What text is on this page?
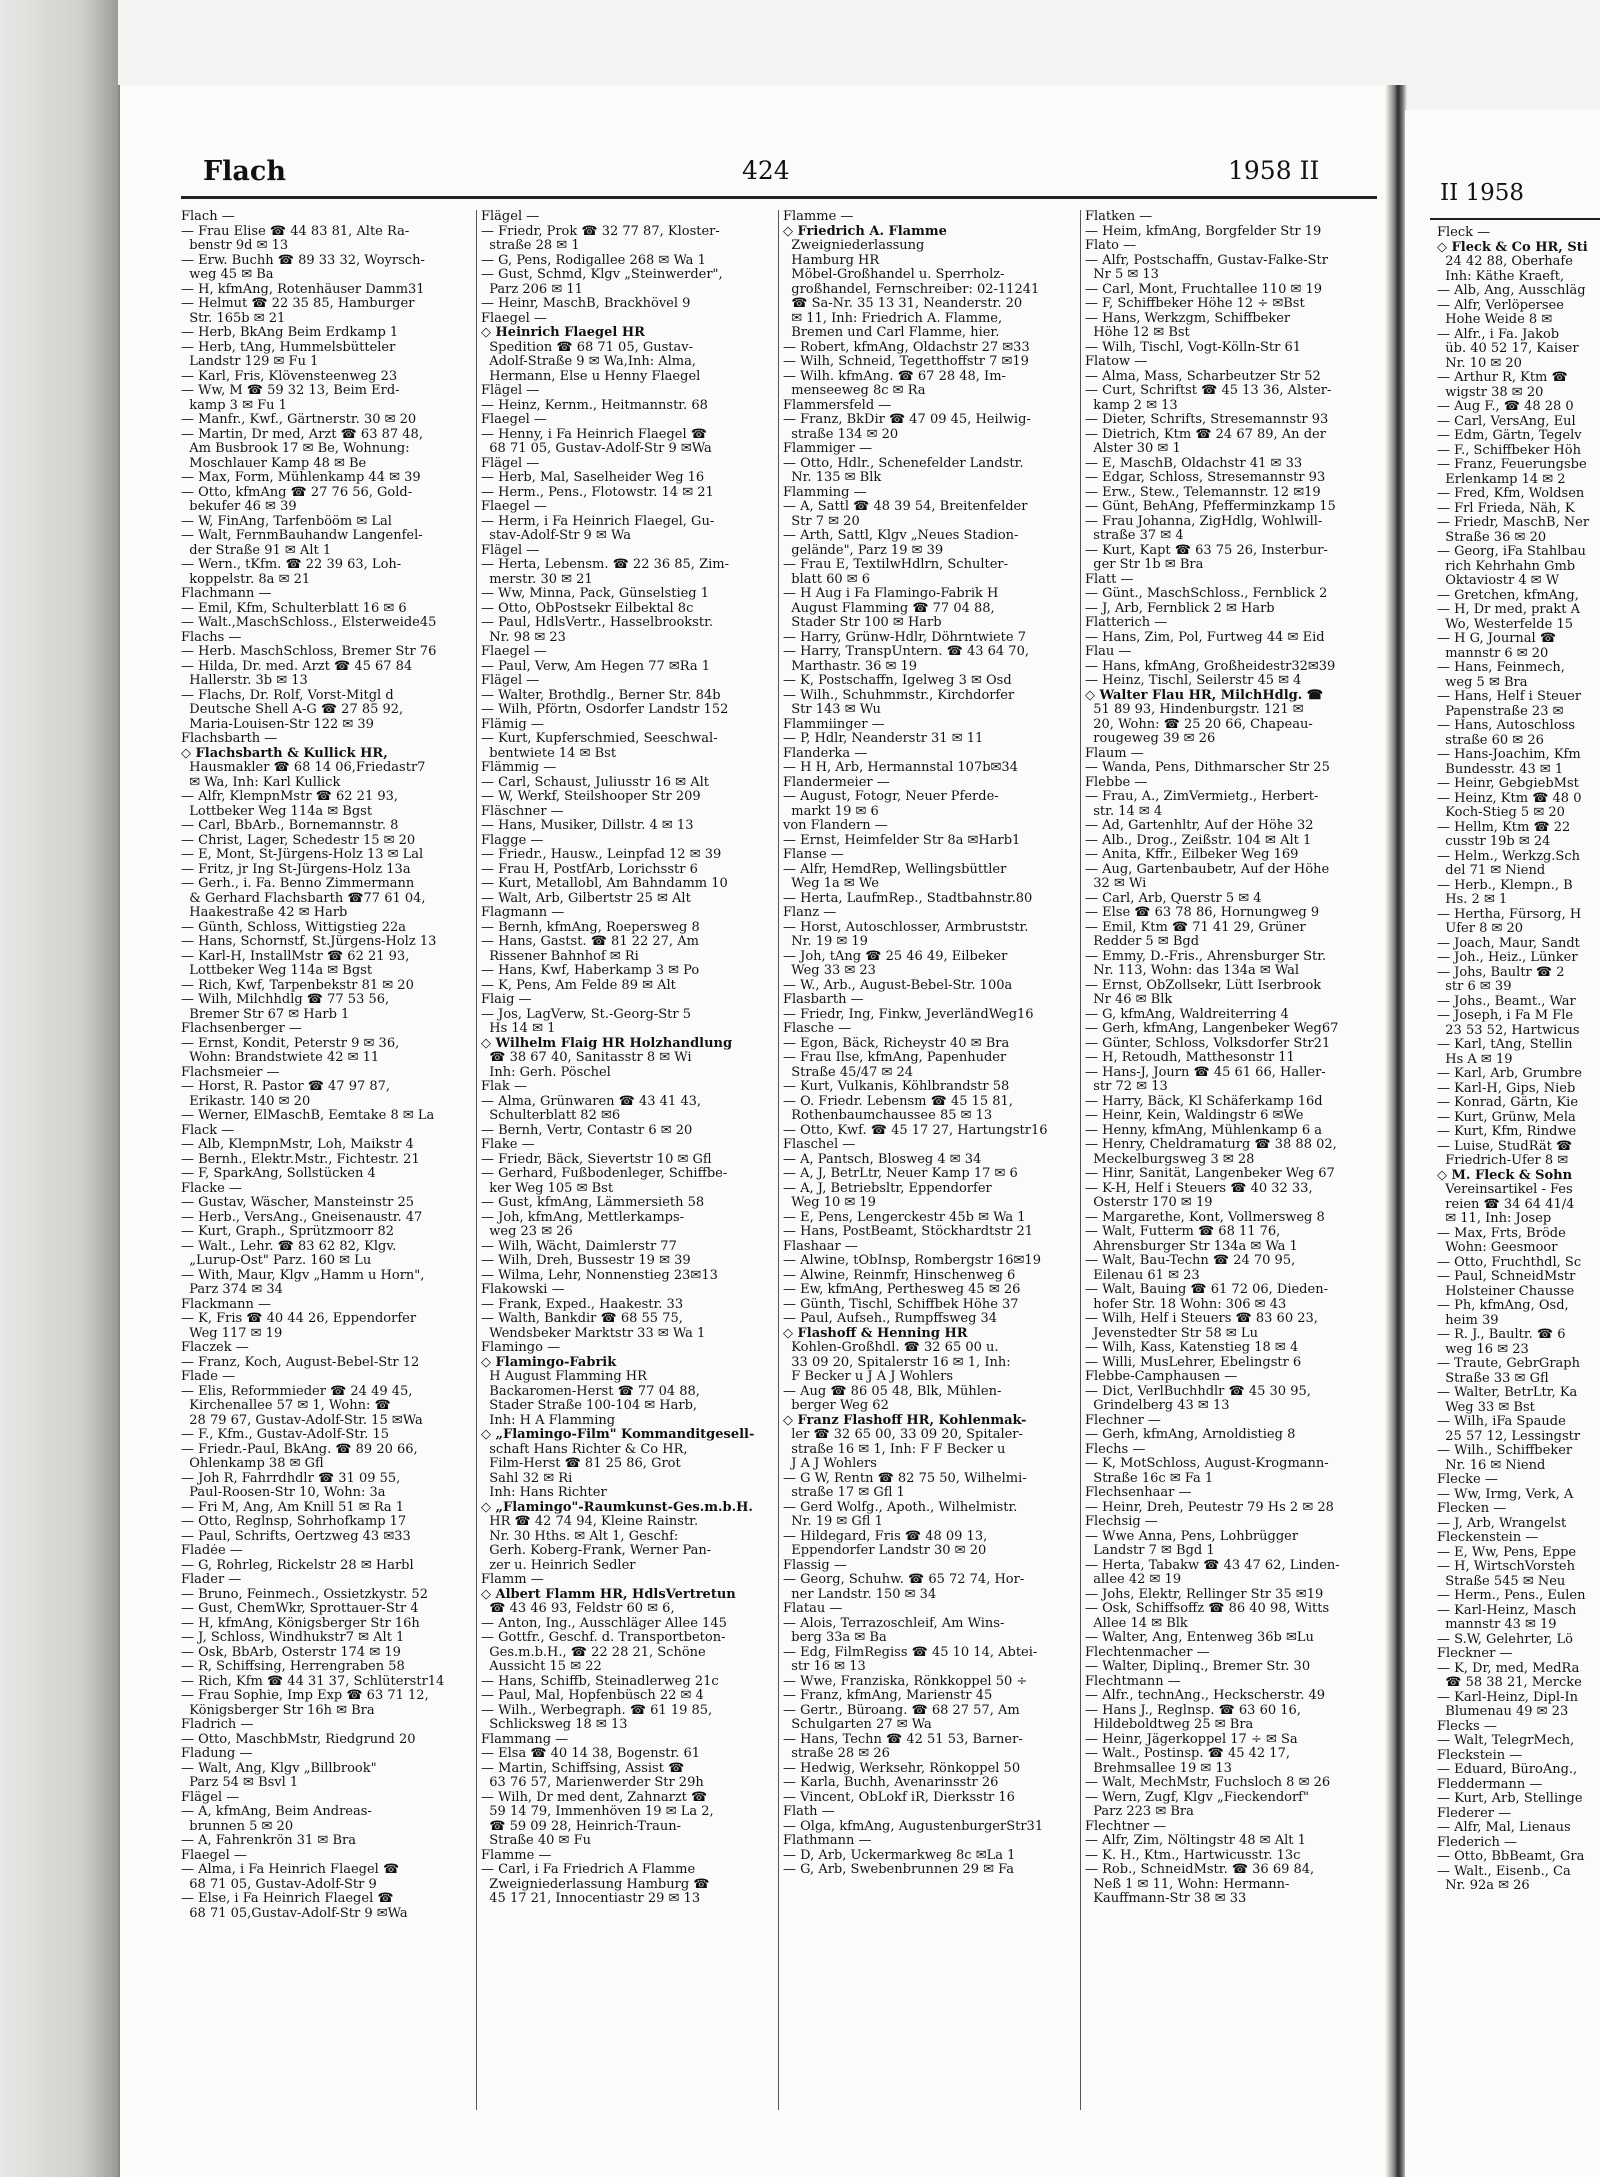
Flach	424	1958 II
Flach —
— Frau Elise ☎ 44 83 81, Alte Ra-
benstr 9d ✉ 13
— Erw. Buchh ☎ 89 33 32, Woyrsch-
weg 45 ✉ Ba
— H, kfmAng, Rotenhäuser Damm31
— Helmut ☎ 22 35 85, Hamburger
Str. 165b ✉ 21
— Herb, BkAng Beim Erdkamp 1
— Herb, tAng, Hummelsbütteler
Landstr 129 ✉ Fu 1
— Karl, Fris, Klövensteenweg 23
— Ww, M ☎ 59 32 13, Beim Erd-
kamp 3 ✉ Fu 1
— Manfr., Kwf., Gärtnerstr. 30 ✉ 20
— Martin, Dr med, Arzt ☎ 63 87 48,
Am Busbrook 17 ✉ Be, Wohnung:
Moschlauer Kamp 48 ✉ Be
— Max, Form, Mühlenkamp 44 ✉ 39
— Otto, kfmAng ☎ 27 76 56, Gold-
bekufer 46 ✉ 39
— W, FinAng, Tarfenbööm ✉ Lal
— Walt, FernmBauhandw Langenfel-
der Straße 91 ✉ Alt 1
— Wern., tKfm. ☎ 22 39 63, Loh-
koppelstr. 8a ✉ 21
Flachmann —
— Emil, Kfm, Schulterblatt 16 ✉ 6
— Walt.,MaschSchloss., Elsterweide45
Flachs —
— Herb. MaschSchloss, Bremer Str 76
— Hilda, Dr. med. Arzt ☎ 45 67 84
Hallerstr. 3b ✉ 13
— Flachs, Dr. Rolf, Vorst-Mitgl d
Deutsche Shell A-G ☎ 27 85 92,
Maria-Louisen-Str 122 ✉ 39
Flachsbarth —
◇ Flachsbarth & Kullick HR,
Hausmakler ☎ 68 14 06,Friedastr7
✉ Wa, Inh: Karl Kullick
— Alfr, KlempnMstr ☎ 62 21 93,
Lottbeker Weg 114a ✉ Bgst
— Carl, BbArb., Bornemannstr. 8
— Christ, Lager, Schedestr 15 ✉ 20
— E, Mont, St-Jürgens-Holz 13 ✉ Lal
— Fritz, jr Ing St-Jürgens-Holz 13a
— Gerh., i. Fa. Benno Zimmermann
& Gerhard Flachsbarth ☎77 61 04,
Haakestraße 42 ✉ Harb
— Günth, Schloss, Wittigstieg 22a
— Hans, Schornstf, St.Jürgens-Holz 13
— Karl-H, InstallMstr ☎ 62 21 93,
Lottbeker Weg 114a ✉ Bgst
— Rich, Kwf, Tarpenbekstr 81 ✉ 20
— Wilh, Milchhdlg ☎ 77 53 56,
Bremer Str 67 ✉ Harb 1
Flachsenberger —
— Ernst, Kondit, Peterstr 9 ✉ 36,
Wohn: Brandstwiete 42 ✉ 11
Flachsmeier —
— Horst, R. Pastor ☎ 47 97 87,
Erikastr. 140 ✉ 20
— Werner, ElMaschB, Eemtake 8 ✉ La
Flack —
— Alb, KlempnMstr, Loh, Maikstr 4
— Bernh., Elektr.Mstr., Fichtestr. 21
— F, SparkAng, Sollstücken 4
Flacke —
— Gustav, Wäscher, Mansteinstr 25
— Herb., VersAng., Gneisenaustr. 47
— Kurt, Graph., Sprützmoorr 82
— Walt., Lehr. ☎ 83 62 82, Klgv.
„Lurup-Ost" Parz. 160 ✉ Lu
— With, Maur, Klgv „Hamm u Horn",
Parz 374 ✉ 34
Flackmann —
— K, Fris ☎ 40 44 26, Eppendorfer
Weg 117 ✉ 19
Flaczek —
— Franz, Koch, August-Bebel-Str 12
Flade —
— Elis, Reformmieder ☎ 24 49 45,
Kirchenallee 57 ✉ 1, Wohn: ☎
28 79 67, Gustav-Adolf-Str. 15 ✉Wa
— F., Kfm., Gustav-Adolf-Str. 15
— Friedr.-Paul, BkAng. ☎ 89 20 66,
Ohlenkamp 38 ✉ Gfl
— Joh R, Fahrrdhdlr ☎ 31 09 55,
Paul-Roosen-Str 10, Wohn: 3a
— Fri M, Ang, Am Knill 51 ✉ Ra 1
— Otto, Reglnsp, Sohrhofkamp 17
— Paul, Schrifts, Oertzweg 43 ✉33
Fladée —
— G, Rohrleg, Rickelstr 28 ✉ Harbl
Flader —
— Bruno, Feinmech., Ossietzkystr. 52
— Gust, ChemWkr, Sprottauer-Str 4
— H, kfmAng, Königsberger Str 16h
— J, Schloss, Windhukstr7 ✉ Alt 1
— Osk, BbArb, Osterstr 174 ✉ 19
— R, Schiffsing, Herrengraben 58
— Rich, Kfm ☎ 44 31 37, Schlüterstr14
— Frau Sophie, Imp Exp ☎ 63 71 12,
Königsberger Str 16h ✉ Bra
Fladrich —
— Otto, MaschbMstr, Riedgrund 20
Fladung —
— Walt, Ang, Klgv „Billbrook"
Parz 54 ✉ Bsvl 1
Flägel —
— A, kfmAng, Beim Andreas-
brunnen 5 ✉ 20
— A, Fahrenkrön 31 ✉ Bra
Flaegel —
— Alma, i Fa Heinrich Flaegel ☎
68 71 05, Gustav-Adolf-Str 9
— Else, i Fa Heinrich Flaegel ☎
68 71 05,Gustav-Adolf-Str 9 ✉Wa
Flägel —
— Friedr, Prok ☎ 32 77 87, Kloster-
straße 28 ✉ 1
— G, Pens, Rodigallee 268 ✉ Wa 1
— Gust, Schmd, Klgv „Steinwerder",
Parz 206 ✉ 11
— Heinr, MaschB, Brackhövel 9
Flaegel —
◇ Heinrich Flaegel HR
Spedition ☎ 68 71 05, Gustav-
Adolf-Straße 9 ✉ Wa,Inh: Alma,
Hermann, Else u Henny Flaegel
Flägel —
— Heinz, Kernm., Heitmannstr. 68
Flaegel —
— Henny, i Fa Heinrich Flaegel ☎
68 71 05, Gustav-Adolf-Str 9 ✉Wa
Flägel —
— Herb, Mal, Saselheider Weg 16
— Herm., Pens., Flotowstr. 14 ✉ 21
Flaegel —
— Herm, i Fa Heinrich Flaegel, Gu-
stav-Adolf-Str 9 ✉ Wa
Flägel —
— Herta, Lebensm. ☎ 22 36 85, Zim-
merstr. 30 ✉ 21
— Ww, Minna, Pack, Günselstieg 1
— Otto, ObPostsekr Eilbektal 8c
— Paul, HdlsVertr., Hasselbrookstr.
Nr. 98 ✉ 23
Flaegel —
— Paul, Verw, Am Hegen 77 ✉Ra 1
Flägel —
— Walter, Brothdlg., Berner Str. 84b
— Wilh, Pförtn, Osdorfer Landstr 152
Flämig —
— Kurt, Kupferschmied, Seeschwal-
bentwiete 14 ✉ Bst
Flämmig —
— Carl, Schaust, Juliusstr 16 ✉ Alt
— W, Werkf, Steilshooper Str 209
Fläschner —
— Hans, Musiker, Dillstr. 4 ✉ 13
Flagge —
— Friedr., Hausw., Leinpfad 12 ✉ 39
— Frau H, PostfArb, Lorichsstr 6
— Kurt, Metallobl, Am Bahndamm 10
— Walt, Arb, Gilbertstr 25 ✉ Alt
Flagmann —
— Bernh, kfmAng, Roepersweg 8
— Hans, Gastst. ☎ 81 22 27, Am
Rissener Bahnhof ✉ Ri
— Hans, Kwf, Haberkamp 3 ✉ Po
— K, Pens, Am Felde 89 ✉ Alt
Flaig —
— Jos, LagVerw, St.-Georg-Str 5
Hs 14 ✉ 1
◇ Wilhelm Flaig HR Holzhandlung
☎ 38 67 40, Sanitasstr 8 ✉ Wi
Inh: Gerh. Pöschel
Flak —
— Alma, Grünwaren ☎ 43 41 43,
Schulterblatt 82 ✉6
— Bernh, Vertr, Contastr 6 ✉ 20
Flake —
— Friedr, Bäck, Sievertstr 10 ✉ Gfl
— Gerhard, Fußbodenleger, Schiffbe-
ker Weg 105 ✉ Bst
— Gust, kfmAng, Lämmersieth 58
— Joh, kfmAng, Mettlerkamps-
weg 23 ✉ 26
— Wilh, Wächt, Daimlerstr 77
— Wilh, Dreh, Bussestr 19 ✉ 39
— Wilma, Lehr, Nonnenstieg 23✉13
Flakowski —
— Frank, Exped., Haakestr. 33
— Walth, Bankdir ☎ 68 55 75,
Wendsbeker Marktstr 33 ✉ Wa 1
Flamingo —
◇ Flamingo-Fabrik
H August Flamming HR
Backaromen-Herst ☎ 77 04 88,
Stader Straße 100-104 ✉ Harb,
Inh: H A Flamming
◇ „Flamingo-Film" Kommanditgesell-
schaft Hans Richter & Co HR,
Film-Herst ☎ 81 25 86, Grot
Sahl 32 ✉ Ri
Inh: Hans Richter
◇ „Flamingo"-Raumkunst-Ges.m.b.H.
HR ☎ 42 74 94, Kleine Rainstr.
Nr. 30 Hths. ✉ Alt 1, Geschf:
Gerh. Koberg-Frank, Werner Pan-
zer u. Heinrich Sedler
Flamm —
◇ Albert Flamm HR, HdlsVertretun
☎ 43 46 93, Feldstr 60 ✉ 6,
— Anton, Ing., Ausschläger Allee 145
— Gottfr., Geschf. d. Transportbeton-
Ges.m.b.H., ☎ 22 28 21, Schöne
Aussicht 15 ✉ 22
— Hans, Schiffb, Steinadlerweg 21c
— Paul, Mal, Hopfenbüsch 22 ✉ 4
— Wilh., Werbegraph. ☎ 61 19 85,
Schlicksweg 18 ✉ 13
Flammang —
— Elsa ☎ 40 14 38, Bogenstr. 61
— Martin, Schiffsing, Assist ☎
63 76 57, Marienwerder Str 29h
— Wilh, Dr med dent, Zahnarzt ☎
59 14 79, Immenhöven 19 ✉ La 2,
☎ 59 09 28, Heinrich-Traun-
Straße 40 ✉ Fu
Flamme —
— Carl, i Fa Friedrich A Flamme
Zweigniederlassung Hamburg ☎
45 17 21, Innocentiastr 29 ✉ 13
Flamme —
◇ Friedrich A. Flamme
Zweigniederlassung
Hamburg HR
Möbel-Großhandel u. Sperrholz-
großhandel, Fernschreiber: 02-11241
☎ Sa-Nr. 35 13 31, Neanderstr. 20
✉ 11, Inh: Friedrich A. Flamme,
Bremen und Carl Flamme, hier.
— Robert, kfmAng, Oldachstr 27 ✉33
— Wilh, Schneid, Tegetthoffstr 7 ✉19
— Wilh. kfmAng. ☎ 67 28 48, Im-
menseeweg 8c ✉ Ra
Flammersfeld —
— Franz, BkDir ☎ 47 09 45, Heilwig-
straße 134 ✉ 20
Flammiger —
— Otto, Hdlr., Schenefelder Landstr.
Nr. 135 ✉ Blk
Flamming —
— A, Sattl ☎ 48 39 54, Breitenfelder
Str 7 ✉ 20
— Arth, Sattl, Klgv „Neues Stadion-
gelände", Parz 19 ✉ 39
— Frau E, TextilwHdlrn, Schulter-
blatt 60 ✉ 6
— H Aug i Fa Flamingo-Fabrik H
August Flamming ☎ 77 04 88,
Stader Str 100 ✉ Harb
— Harry, Grünw-Hdlr, Döhrntwiete 7
— Harry, TranspUntern. ☎ 43 64 70,
Marthastr. 36 ✉ 19
— K, Postschaffn, Igelweg 3 ✉ Osd
— Wilh., Schuhmmstr., Kirchdorfer
Str 143 ✉ Wu
Flammiinger —
— P, Hdlr, Neanderstr 31 ✉ 11
Flanderka —
— H H, Arb, Hermannstal 107b✉34
Flandermeier —
— August, Fotogr, Neuer Pferde-
markt 19 ✉ 6
von Flandern —
— Ernst, Heimfelder Str 8a ✉Harb1
Flanse —
— Alfr, HemdRep, Wellingsbüttler
Weg 1a ✉ We
— Herta, LaufmRep., Stadtbahnstr.80
Flanz —
— Horst, Autoschlosser, Armbruststr.
Nr. 19 ✉ 19
— Joh, tAng ☎ 25 46 49, Eilbeker
Weg 33 ✉ 23
— W., Arb., August-Bebel-Str. 100a
Flasbarth —
— Friedr, Ing, Finkw, JeverländWeg16
Flasche —
— Egon, Bäck, Richeystr 40 ✉ Bra
— Frau Ilse, kfmAng, Papenhuder
Straße 45/47 ✉ 24
— Kurt, Vulkanis, Köhlbrandstr 58
— O. Friedr. Lebensm ☎ 45 15 81,
Rothenbaumchaussee 85 ✉ 13
— Otto, Kwf. ☎ 45 17 27, Hartungstr16
Flaschel —
— A, Pantsch, Blosweg 4 ✉ 34
— A, J, BetrLtr, Neuer Kamp 17 ✉ 6
— A, J, Betriebsltr, Eppendorfer
Weg 10 ✉ 19
— E, Pens, Lengerckestr 45b ✉ Wa 1
— Hans, PostBeamt, Stöckhardtstr 21
Flashaar —
— Alwine, tObInsp, Rombergstr 16✉19
— Alwine, Reinmfr, Hinschenweg 6
— Ew, kfmAng, Perthesweg 45 ✉ 26
— Günth, Tischl, Schiffbek Höhe 37
— Paul, Aufseh., Rumpffsweg 34
◇ Flashoff & Henning HR
Kohlen-Großhdl. ☎ 32 65 00 u.
33 09 20, Spitalerstr 16 ✉ 1, Inh:
F Becker u J A J Wohlers
— Aug ☎ 86 05 48, Blk, Mühlen-
berger Weg 62
◇ Franz Flashoff HR, Kohlenmak-
ler ☎ 32 65 00, 33 09 20, Spitaler-
straße 16 ✉ 1, Inh: F F Becker u
J A J Wohlers
— G W, Rentn ☎ 82 75 50, Wilhelmi-
straße 17 ✉ Gfl 1
— Gerd Wolfg., Apoth., Wilhelmistr.
Nr. 19 ✉ Gfl 1
— Hildegard, Fris ☎ 48 09 13,
Eppendorfer Landstr 30 ✉ 20
Flassig —
— Georg, Schuhw. ☎ 65 72 74, Hor-
ner Landstr. 150 ✉ 34
Flatau —
— Alois, Terrazoschleif, Am Wins-
berg 33a ✉ Ba
— Edg, FilmRegiss ☎ 45 10 14, Abtei-
str 16 ✉ 13
— Wwe, Franziska, Rönkkoppel 50 ÷
— Franz, kfmAng, Marienstr 45
— Gertr., Büroang. ☎ 68 27 57, Am
Schulgarten 27 ✉ Wa
— Hans, Techn ☎ 42 51 53, Barner-
straße 28 ✉ 26
— Hedwig, Werksehr, Rönkoppel 50
— Karla, Buchh, Avenarinsstr 26
— Vincent, ObLokf iR, Dierksstr 16
Flath —
— Olga, kfmAng, AugustenburgerStr31
Flathmann —
— D, Arb, Uckermarkweg 8c ✉La 1
— G, Arb, Swebenbrunnen 29 ✉ Fa
Flatken —
— Heim, kfmAng, Borgfelder Str 19
Flato —
— Alfr, Postschaffn, Gustav-Falke-Str
Nr 5 ✉ 13
— Carl, Mont, Fruchtallee 110 ✉ 19
— F, Schiffbeker Höhe 12 ÷ ✉Bst
— Hans, Werkzgm, Schiffbeker
Höhe 12 ✉ Bst
— Wilh, Tischl, Vogt-Kölln-Str 61
Flatow —
— Alma, Mass, Scharbeutzer Str 52
— Curt, Schriftst ☎ 45 13 36, Alster-
kamp 2 ✉ 13
— Dieter, Schrifts, Stresemannstr 93
— Dietrich, Ktm ☎ 24 67 89, An der
Alster 30 ✉ 1
— E, MaschB, Oldachstr 41 ✉ 33
— Edgar, Schloss, Stresemannstr 93
— Erw., Stew., Telemannstr. 12 ✉19
— Günt, BehAng, Pfefferminzkamp 15
— Frau Johanna, ZigHdlg, Wohlwill-
straße 37 ✉ 4
— Kurt, Kapt ☎ 63 75 26, Insterbur-
ger Str 1b ✉ Bra
Flatt —
— Günt., MaschSchloss., Fernblick 2
— J, Arb, Fernblick 2 ✉ Harb
Flatterich —
— Hans, Zim, Pol, Furtweg 44 ✉ Eid
Flau —
— Hans, kfmAng, Großheidestr32✉39
— Heinz, Tischl, Seilerstr 45 ✉ 4
◇ Walter Flau HR, MilchHdlg. ☎
51 89 93, Hindenburgstr. 121 ✉
20, Wohn: ☎ 25 20 66, Chapeau-
rougeweg 39 ✉ 26
Flaum —
— Wanda, Pens, Dithmarscher Str 25
Flebbe —
— Frau, A., ZimVermietg., Herbert-
str. 14 ✉ 4
— Ad, Gartenhltr, Auf der Höhe 32
— Alb., Drog., Zeißstr. 104 ✉ Alt 1
— Anita, Kffr., Eilbeker Weg 169
— Aug, Gartenbaubetr, Auf der Höhe
32 ✉ Wi
— Carl, Arb, Querstr 5 ✉ 4
— Else ☎ 63 78 86, Hornungweg 9
— Emil, Ktm ☎ 71 41 29, Grüner
Redder 5 ✉ Bgd
— Emmy, D.-Fris., Ahrensburger Str.
Nr. 113, Wohn: das 134a ✉ Wal
— Ernst, ObZollsekr, Lütt Iserbrook
Nr 46 ✉ Blk
— G, kfmAng, Waldreiterring 4
— Gerh, kfmAng, Langenbeker Weg67
— Günter, Schloss, Volksdorfer Str21
— H, Retoudh, Matthesonstr 11
— Hans-J, Journ ☎ 45 61 66, Haller-
str 72 ✉ 13
— Harry, Bäck, Kl Schäferkamp 16d
— Heinr, Kein, Waldingstr 6 ✉We
— Henny, kfmAng, Mühlenkamp 6 a
— Henry, Cheldramaturg ☎ 38 88 02,
Meckelburgsweg 3 ✉ 28
— Hinr, Sanität, Langenbeker Weg 67
— K-H, Helf i Steuers ☎ 40 32 33,
Osterstr 170 ✉ 19
— Margarethe, Kont, Vollmersweg 8
— Walt, Futterm ☎ 68 11 76,
Ahrensburger Str 134a ✉ Wa 1
— Walt, Bau-Techn ☎ 24 70 95,
Eilenau 61 ✉ 23
— Walt, Bauing ☎ 61 72 06, Dieden-
hofer Str. 18 Wohn: 306 ✉ 43
— Wilh, Helf i Steuers ☎ 83 60 23,
Jevenstedter Str 58 ✉ Lu
— Wilh, Kass, Katenstieg 18 ✉ 4
— Willi, MusLehrer, Ebelingstr 6
Flebbe-Camphausen —
— Dict, VerlBuchhdlr ☎ 45 30 95,
Grindelberg 43 ✉ 13
Flechner —
— Gerh, kfmAng, Arnoldistieg 8
Flechs —
— K, MotSchloss, August-Krogmann-
Straße 16c ✉ Fa 1
Flechsenhaar —
— Heinr, Dreh, Peutestr 79 Hs 2 ✉ 28
Flechsig —
— Wwe Anna, Pens, Lohbrügger
Landstr 7 ✉ Bgd 1
— Herta, Tabakw ☎ 43 47 62, Linden-
allee 42 ✉ 19
— Johs, Elektr, Rellinger Str 35 ✉19
— Osk, Schiffsoffz ☎ 86 40 98, Witts
Allee 14 ✉ Blk
— Walter, Ang, Entenweg 36b ✉Lu
Flechtenmacher —
— Walter, Diplinq., Bremer Str. 30
Flechtmann —
— Alfr., technAng., Heckscherstr. 49
— Hans J., Reglnsp. ☎ 63 60 16,
Hildeboldtweg 25 ✉ Bra
— Heinr, Jägerkoppel 17 ÷ ✉ Sa
— Walt., Postinsp. ☎ 45 42 17,
Brehmsallee 19 ✉ 13
— Walt, MechMstr, Fuchsloch 8 ✉ 26
— Wern, Zugf, Klgv „Fieckendorf"
Parz 223 ✉ Bra
Flechtner —
— Alfr, Zim, Nöltingstr 48 ✉ Alt 1
— K. H., Ktm., Hartwicusstr. 13c
— Rob., SchneidMstr. ☎ 36 69 84,
Neß 1 ✉ 11, Wohn: Hermann-
Kauffmann-Str 38 ✉ 33
II 1958
Fleck —
◇ Fleck & Co HR, Sti
24 42 88, Oberhafe
Inh: Käthe Kraeft,
— Alb, Ang, Ausschläg
— Alfr, Verlöpersee
Hohe Weide 8 ✉
— Alfr., i Fa. Jakob
üb. 40 52 17, Kaiser
Nr. 10 ✉ 20
— Arthur R, Ktm ☎
wigstr 38 ✉ 20
— Aug F., ☎ 48 28 0
— Carl, VersAng, Eul
— Edm, Gärtn, Tegelv
— F., Schiffbeker Höh
— Franz, Feuerungsbe
Erlenkamp 14 ✉ 2
— Fred, Kfm, Woldsen
— Frl Frieda, Näh, K
— Friedr, MaschB, Ner
Straße 36 ✉ 20
— Georg, iFa Stahlbau
rich Kehrhahn Gmb
Oktaviostr 4 ✉ W
— Gretchen, kfmAng,
— H, Dr med, prakt A
Wo, Westerfelde 15
— H G, Journal ☎
mannstr 6 ✉ 20
— Hans, Feinmech,
weg 5 ✉ Bra
— Hans, Helf i Steuer
Papenstraße 23 ✉
— Hans, Autoschloss
straße 60 ✉ 26
— Hans-Joachim, Kfm
Bundesstr. 43 ✉ 1
— Heinr, GebgiebMst
— Heinz, Ktm ☎ 48 0
Koch-Stieg 5 ✉ 20
— Hellm, Ktm ☎ 22
cusstr 19b ✉ 24
— Helm., Werkzg.Sch
del 71 ✉ Niend
— Herb., Klempn., B
Hs. 2 ✉ 1
— Hertha, Fürsorg, H
Ufer 8 ✉ 20
— Joach, Maur, Sandt
— Joh., Heiz., Lünker
— Johs, Baultr ☎ 2
str 6 ✉ 39
— Johs., Beamt., War
— Joseph, i Fa M Fle
23 53 52, Hartwicus
— Karl, tAng, Stellin
Hs A ✉ 19
— Karl, Arb, Grumbre
— Karl-H, Gips, Nieb
— Konrad, Gärtn, Kie
— Kurt, Grünw, Mela
— Kurt, Kfm, Rindwe
— Luise, StudRät ☎
Friedrich-Ufer 8 ✉
◇ M. Fleck & Sohn
Vereinsartikel - Fes
reien ☎ 34 64 41/4
✉ 11, Inh: Josep
— Max, Frts, Bröde
Wohn: Geesmoor
— Otto, Fruchthdl, Sc
— Paul, SchneidMstr
Holsteiner Chausse
— Ph, kfmAng, Osd,
heim 39
— R. J., Baultr. ☎ 6
weg 16 ✉ 23
— Traute, GebrGraph
Straße 33 ✉ Gfl
— Walter, BetrLtr, Ka
Weg 33 ✉ Bst
— Wilh, iFa Spaude
25 57 12, Lessingstr
— Wilh., Schiffbeker
Nr. 16 ✉ Niend
Flecke —
— Ww, Irmg, Verk, A
Flecken —
— J, Arb, Wrangelst
Fleckenstein —
— E, Ww, Pens, Eppe
— H, WirtschVorsteh
Straße 545 ✉ Neu
— Herm., Pens., Eulen
— Karl-Heinz, Masch
mannstr 43 ✉ 19
— S.W, Gelehrter, Lö
Fleckner —
— K, Dr, med, MedRa
☎ 58 38 21, Mercke
— Karl-Heinz, Dipl-In
Blumenau 49 ✉ 23
Flecks —
— Walt, TelegrMech,
Fleckstein —
— Eduard, BüroAng.,
Fleddermann —
— Kurt, Arb, Stellinge
Flederer —
— Alfr, Mal, Lienaus
Flederich —
— Otto, BbBeamt, Gra
— Walt., Eisenb., Ca
Nr. 92a ✉ 26
